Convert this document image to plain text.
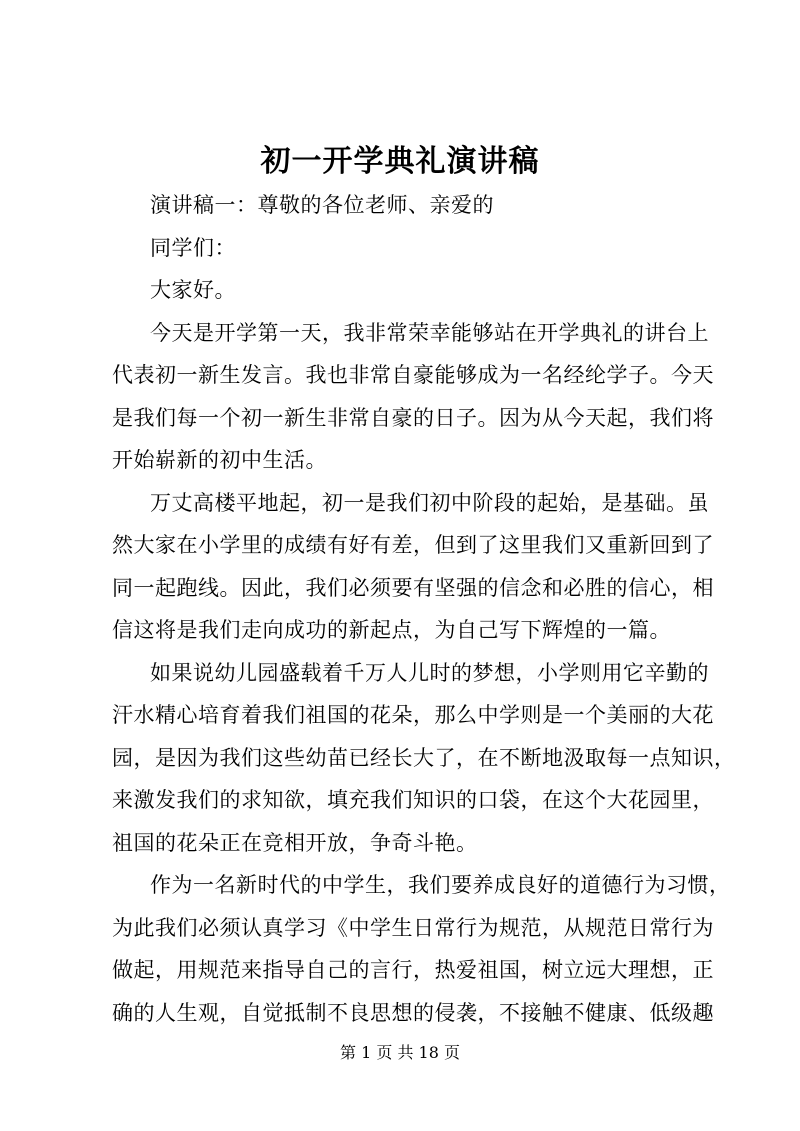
初一开学典礼演讲稿
演讲稿一：尊敬的各位老师、亲爱的
同学们：
大家好。
今天是开学第一天，我非常荣幸能够站在开学典礼的讲台上
代表初一新生发言。我也非常自豪能够成为一名经纶学子。今天
是我们每一个初一新生非常自豪的日子。因为从今天起，我们将
开始崭新的初中生活。
万丈高楼平地起，初一是我们初中阶段的起始，是基础。虽
然大家在小学里的成绩有好有差，但到了这里我们又重新回到了
同一起跑线。因此，我们必须要有坚强的信念和必胜的信心，相
信这将是我们走向成功的新起点，为自己写下辉煌的一篇。
如果说幼儿园盛载着千万人儿时的梦想，小学则用它辛勤的
汗水精心培育着我们祖国的花朵，那么中学则是一个美丽的大花
园，是因为我们这些幼苗已经长大了，在不断地汲取每一点知识，
来激发我们的求知欲，填充我们知识的口袋，在这个大花园里，
祖国的花朵正在竞相开放，争奇斗艳。
作为一名新时代的中学生，我们要养成良好的道德行为习惯，
为此我们必须认真学习《中学生日常行为规范，从规范日常行为
做起，用规范来指导自己的言行，热爱祖国，树立远大理想，正
确的人生观，自觉抵制不良思想的侵袭，不接触不健康、低级趣
第 1 页 共 18 页
